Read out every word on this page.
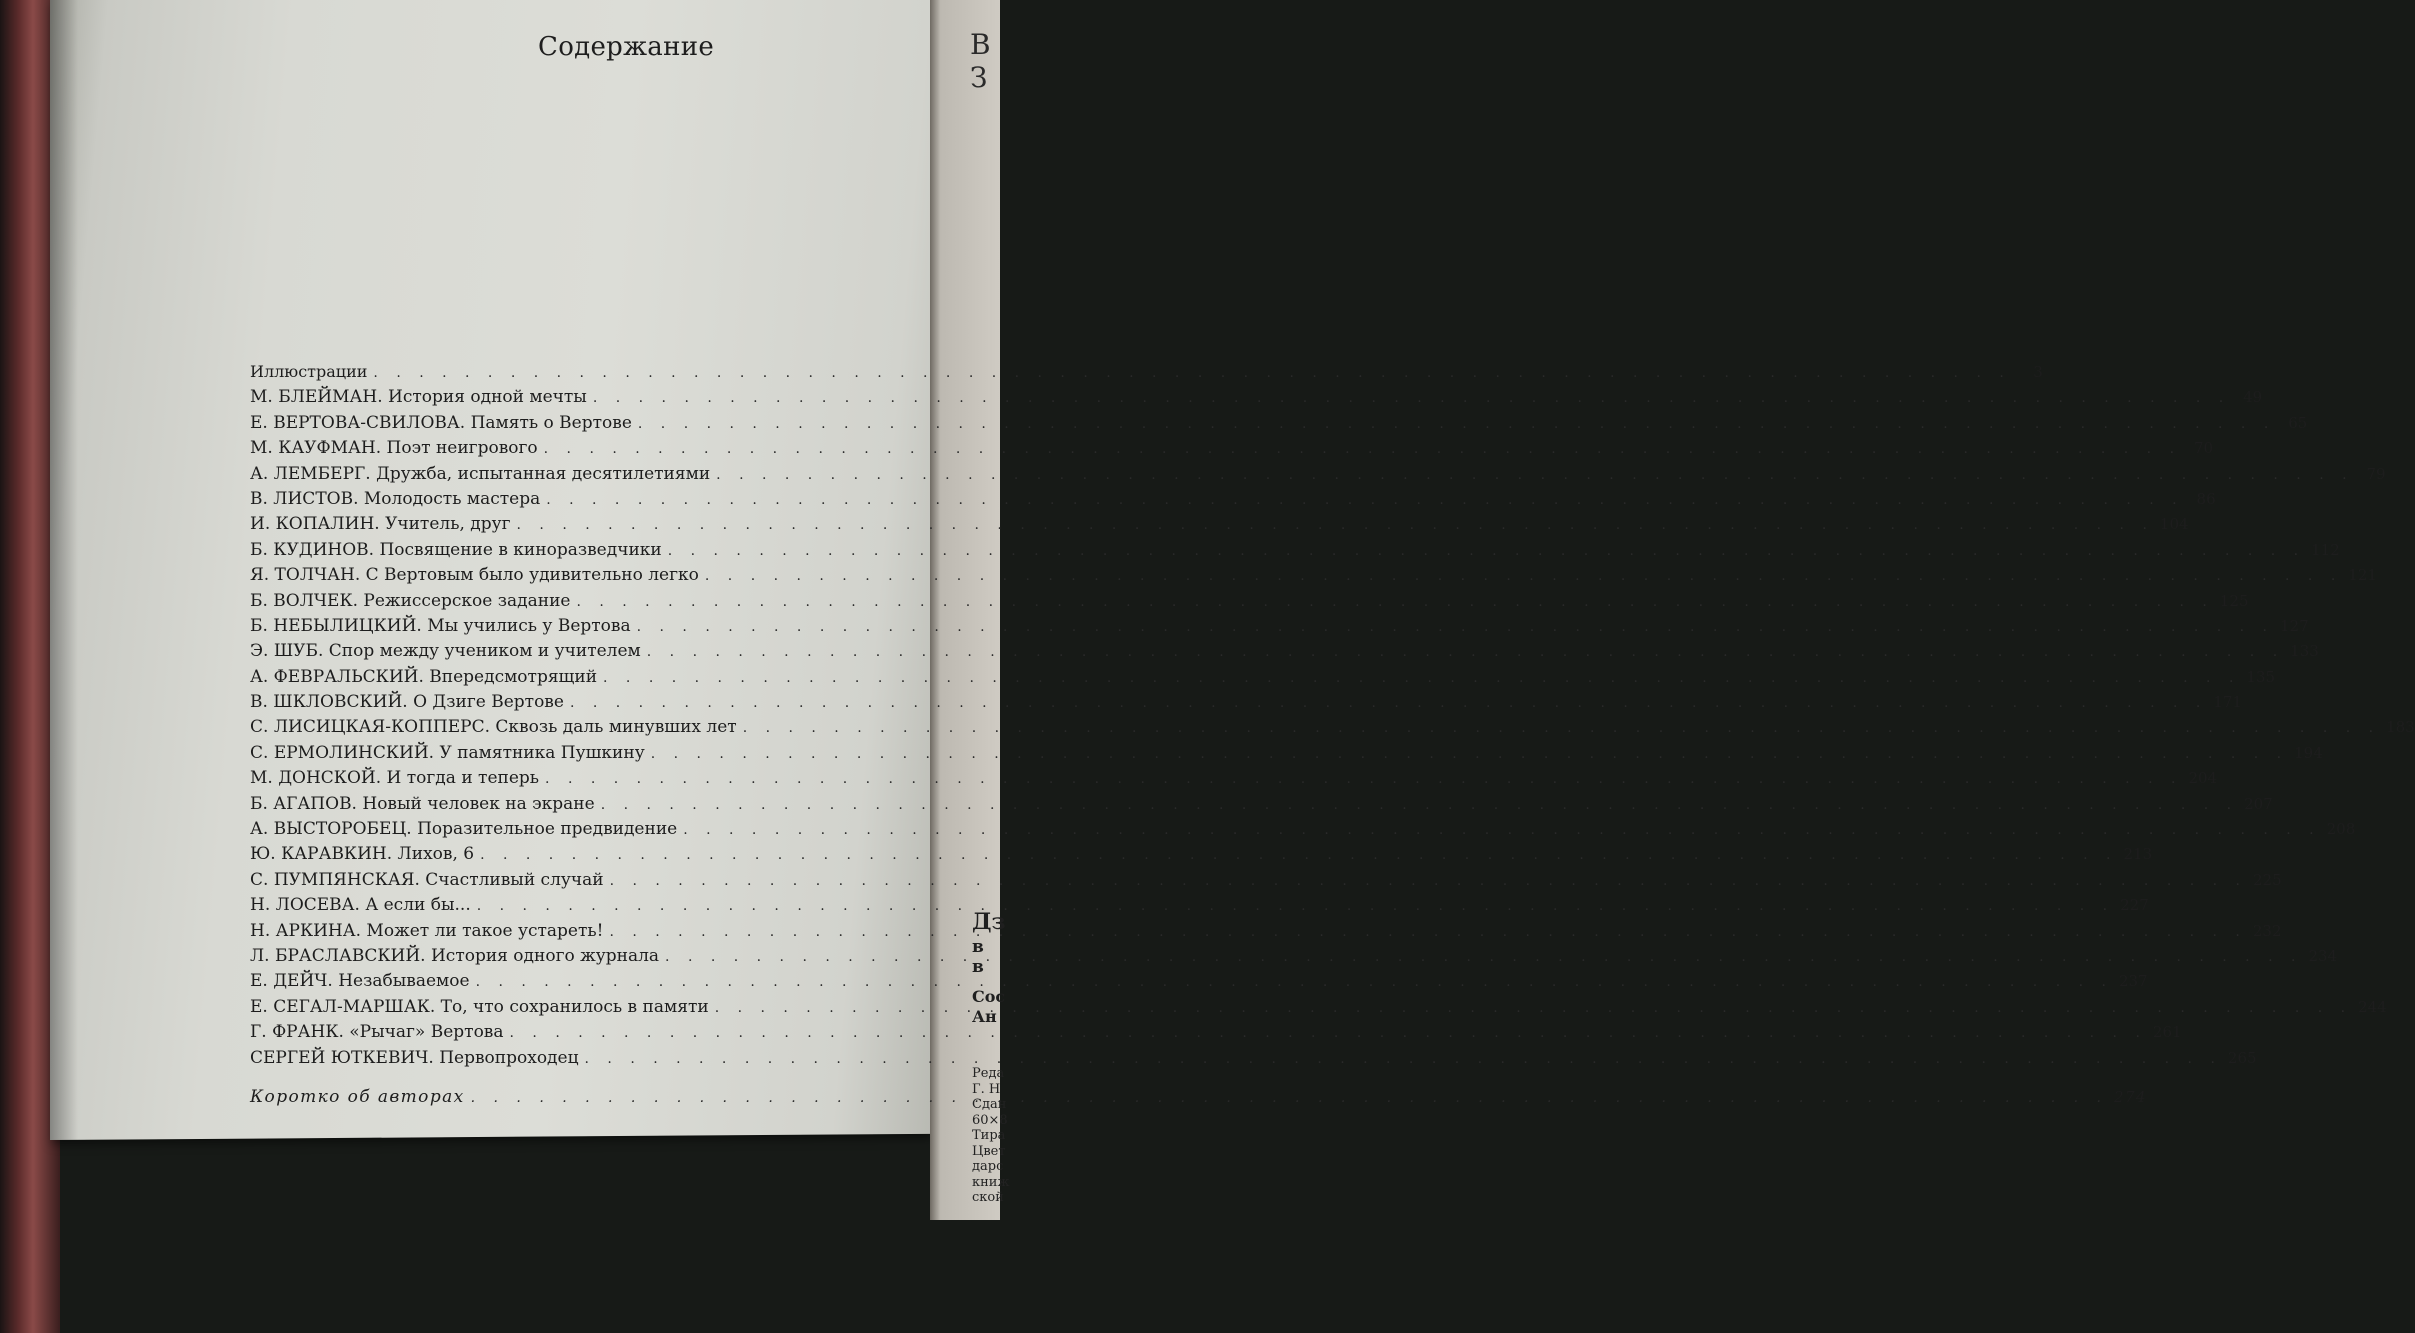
В З
Дз
в в
Сос
Ан
Реда
Г. Н
Сдан
60×8
Тира
Цвет
дарс
книж
ской
Содержание
Иллюстрации . . .	3
М. БЛЕЙМАН. История одной мечты . . .	49
Е. ВЕРТОВА-СВИЛОВА. Память о Вертове . . .	65
М. КАУФМАН. Поэт неигрового . . .	70
А. ЛЕМБЕРГ. Дружба, испытанная десятилетиями . . .	79
В. ЛИСТОВ. Молодость мастера . . .	86
И. КОПАЛИН. Учитель, друг . . .	104
Б. КУДИНОВ. Посвящение в киноразведчики . . .	112
Я. ТОЛЧАН. С Вертовым было удивительно легко . . .	121
Б. ВОЛЧЕК. Режиссерское задание . . .	125
Б. НЕБЫЛИЦКИЙ. Мы учились у Вертова . . .	127
Э. ШУБ. Спор между учеником и учителем . . .	133
А. ФЕВРАЛЬСКИЙ. Впередсмотрящий . . .	135
В. ШКЛОВСКИЙ. О Дзиге Вертове . . .	171
С. ЛИСИЦКАЯ-КОППЕРС. Сквозь даль минувших лет . . .	183
С. ЕРМОЛИНСКИЙ. У памятника Пушкину . . .	194
М. ДОНСКОЙ. И тогда и теперь . . .	204
Б. АГАПОВ. Новый человек на экране . . .	207
А. ВЫСТОРОБЕЦ. Поразительное предвидение . . .	208
Ю. КАРАВКИН. Лихов, 6 . . .	213
С. ПУМПЯНСКАЯ. Счастливый случай . . .	225
Н. ЛОСЕВА. А если бы... . . .	227
Н. АРКИНА. Может ли такое устареть! . . .	232
Л. БРАСЛАВСКИЙ. История одного журнала . . .	234
Е. ДЕЙЧ. Незабываемое . . .	237
Е. СЕГАЛ-МАРШАК. То, что сохранилось в памяти . . .	244
Г. ФРАНК. «Рычаг» Вертова . . .	261
СЕРГЕЙ ЮТКЕВИЧ. Первопроходец . . .	265
Коротко об авторах . . .	274
